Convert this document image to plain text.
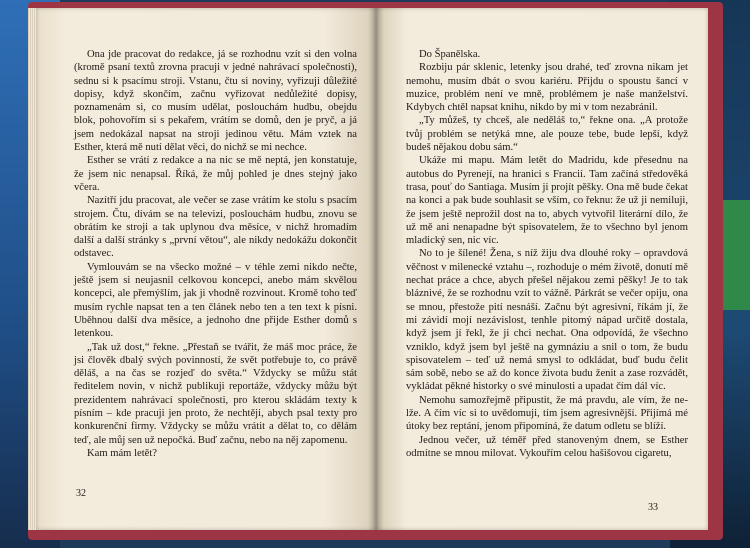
Ona jde pracovat do redakce, já se rozhodnu vzít si den volna (kromě psaní textů zrovna pracuji v jedné nahrávací společnosti), sednu si k psacímu stroji. Vstanu, čtu si noviny, vyřizuji důležité dopisy, když skončím, začnu vyřizovat nedůležité dopisy, poznamenám si, co musím udělat, poslouchám hudbu, obejdu blok, pohovořím si s pekařem, vrátím se domů, den je pryč, a já jsem nedokázal napsat na stroji jedinou větu. Mám vztek na Esther, která mě nutí dělat věci, do nichž se mi nechce.

Esther se vrátí z redakce a na nic se mě neptá, jen konstatuje, že jsem nic nenapsal. Říká, že můj pohled je dnes stejný jako včera.

Nazítří jdu pracovat, ale večer se zase vrátím ke stolu s psacím strojem. Čtu, dívám se na televizi, poslouchám hudbu, znovu se obrátím ke stroji a tak uplynou dva měsíce, v nichž hromadím další a další stránky s „první větou“, ale nikdy nedokážu dokončit odstavec.

Vymlouvám se na všecko možné – v téhle zemi nikdo nečte, ještě jsem si neujasnil celkovou koncepci, anebo mám skvělou koncepci, ale přemýšlím, jak ji vhodně rozvinout. Kromě toho teď musím rychle napsat ten a ten článek nebo ten a ten text k písni. Uběhnou další dva měsíce, a jednoho dne přijde Esther domů s letenkou.

„Tak už dost,“ řekne. „Přestaň se tvářit, že máš moc práce, že jsi člověk dbalý svých povinností, že svět potřebuje to, co právě děláš, a na čas se rozjeď do světa.“ Vždycky se můžu stát ředitelem novin, v nichž publikuji reportáže, vždycky můžu být prezidentem nahrávací společnosti, pro kterou skládám texty k písním – kde pracuji jen proto, že nechtěji, abych psal texty pro konkurenční firmy. Vždycky se můžu vrátit a dělat to, co dělám teď, ale můj sen už nepočká. Buď začnu, nebo na něj zapomenu.

Kam mám letět?

32

Do Španělska.

Rozbiju pár sklenic, letenky jsou drahé, teď zrovna nikam jet nemohu, musím dbát o svou kariéru. Přijdu o spoustu šancí v muzice, problém není ve mně, problémem je naše manželství. Kdybych chtěl napsat knihu, nikdo by mi v tom nezabránil.

„Ty můžeš, ty chceš, ale neděláš to,“ řekne ona. „A protože tvůj problém se netýká mne, ale pouze tebe, bude lepší, když budeš nějakou dobu sám.“

Ukáže mi mapu. Mám letět do Madridu, kde přesednu na autobus do Pyrenejí, na hranici s Francií. Tam začíná středověká trasa, pouť do Santiaga. Musím ji projít pěšky. Ona mě bude čekat na konci a pak bude souhlasit se vším, co řeknu: že už ji nemiluji, že jsem ještě neprožil dost na to, abych vytvořil literární dílo, že už mě ani nenapadne být spisovatelem, že to všechno byl jenom mladický sen, nic víc.

No to je šílené! Žena, s níž žiju dva dlouhé roky – opravdová věčnost v milenecké vztahu –, rozhoduje o mém životě, donutí mě nechat práce a chce, abych přešel nějakou zemi pěšky! Je to tak bláznivé, že se rozhodnu vzít to vážně. Párkrát se večer opiju, ona se mnou, přestože pití nesnáší. Začnu být agresivní, říkám jí, že mi závidí mojí nezávislost, tenhle pitomý nápad určitě dostala, když jsem jí řekl, že ji chci nechat. Ona odpovídá, že všechno vzniklo, když jsem byl ještě na gymnáziu a snil o tom, že budu spisovatelem – teď už nemá smysl to odkládat, buď budu čelit sám sobě, nebo se až do konce života budu ženit a zase rozvádět, vykládat pěkné historky o své minulosti a upadat čím dál víc.

Nemohu samozřejmě připustit, že má pravdu, ale vím, že ne-lže. A čím víc si to uvědomuji, tím jsem agresivnější. Přijímá mé útoky bez reptání, jenom připomíná, že datum odletu se blíží.

Jednou večer, už téměř před stanoveným dnem, se Esther odmítne se mnou milovat. Vykouřím celou hašišovou cigaretu,

33
